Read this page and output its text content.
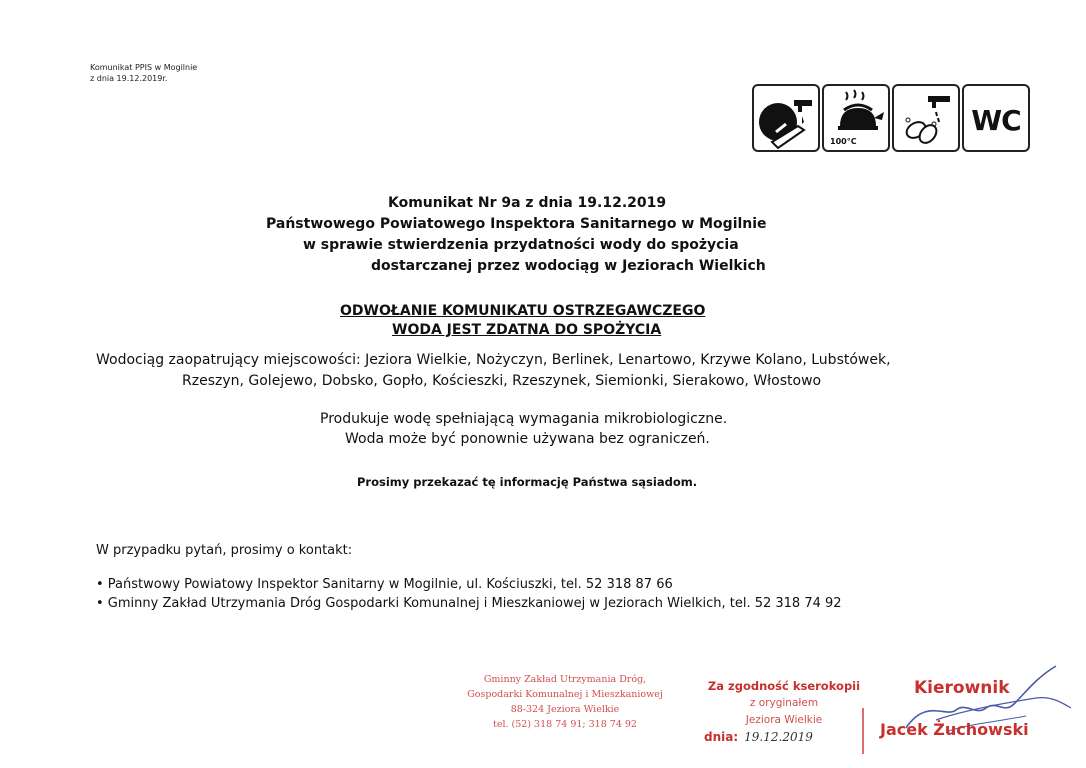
Komunikat PPIS w Mogilnie
z dnia 19.12.2019r.
100°C
WC
Komunikat Nr 9a z dnia 19.12.2019
Państwowego Powiatowego Inspektora Sanitarnego w Mogilnie
w sprawie stwierdzenia przydatności wody do spożycia
dostarczanej przez wodociąg w Jeziorach Wielkich
ODWOŁANIE KOMUNIKATU OSTRZEGAWCZEGO
WODA JEST ZDATNA DO SPOŻYCIA
Wodociąg zaopatrujący miejscowości: Jeziora Wielkie, Nożyczyn, Berlinek, Lenartowo, Krzywe Kolano, Lubstówek,
Rzeszyn, Golejewo, Dobsko, Gopło, Kościeszki, Rzeszynek, Siemionki, Sierakowo, Włostowo
Produkuje wodę spełniającą wymagania mikrobiologiczne.
Woda może być ponownie używana bez ograniczeń.
Prosimy przekazać tę informację Państwa sąsiadom.
W przypadku pytań, prosimy o kontakt:
• Państwowy Powiatowy Inspektor Sanitarny w Mogilnie, ul. Kościuszki, tel. 52 318 87 66
• Gminny Zakład Utrzymania Dróg Gospodarki Komunalnej i Mieszkaniowej w Jeziorach Wielkich, tel. 52 318 74 92
Gminny Zakład Utrzymania Dróg,
Gospodarki Komunalnej i Mieszkaniowej
88-324 Jeziora Wielkie
tel. (52) 318 74 91; 318 74 92
Za zgodność kserokopii
z oryginałem
Jeziora Wielkie
dnia: 19.12.2019
Kierownik
Jacek Żuchowski
